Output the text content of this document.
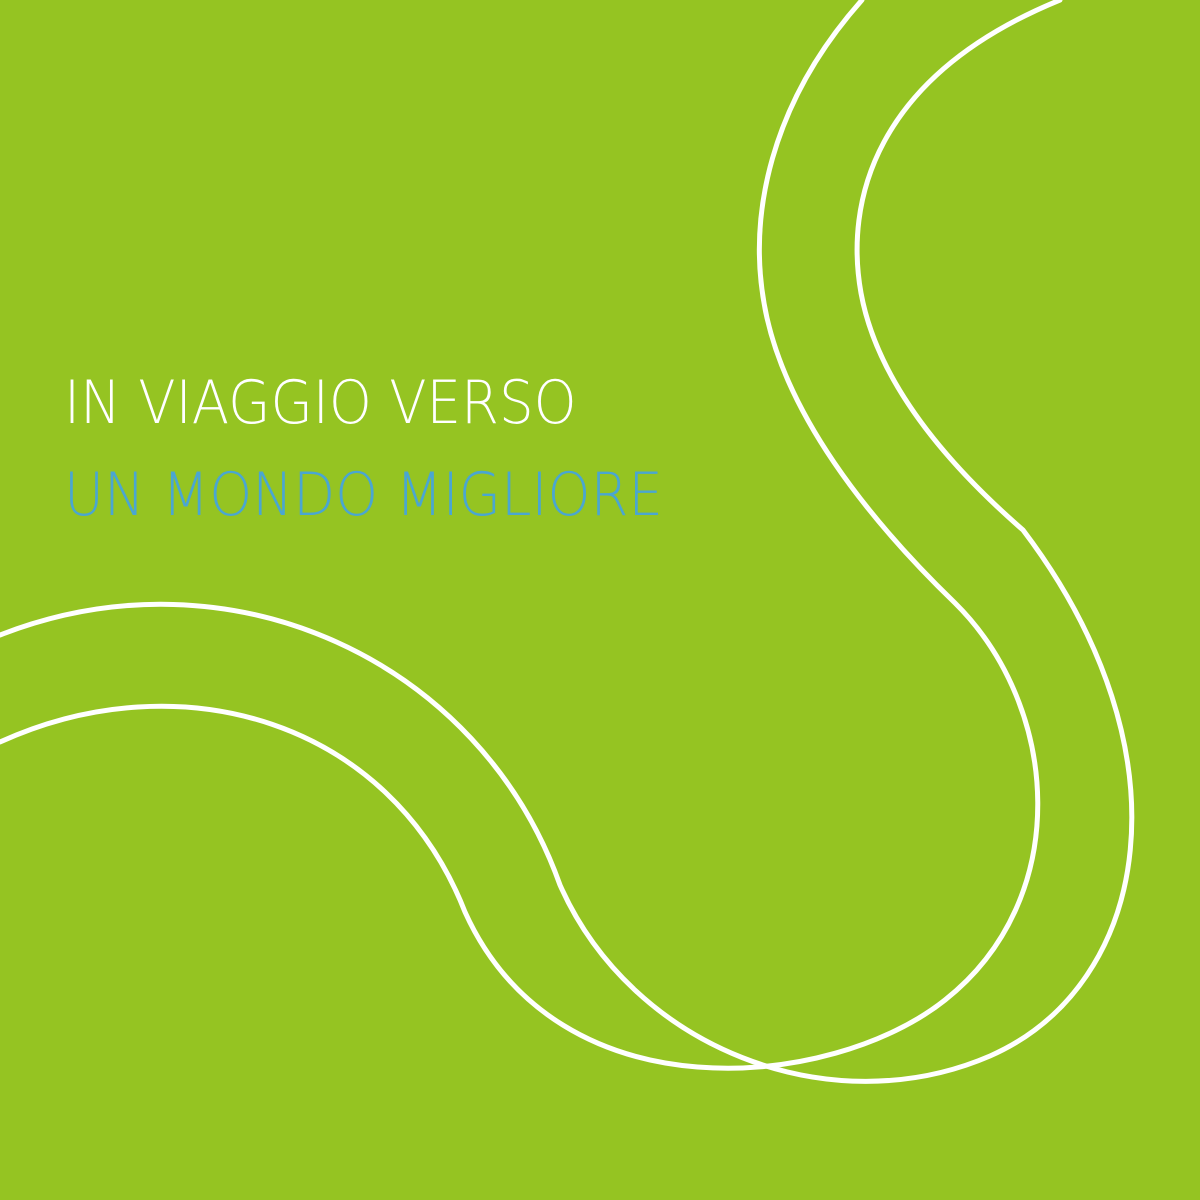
IN VIAGGIO VERSO
UN MONDO MIGLIORE
